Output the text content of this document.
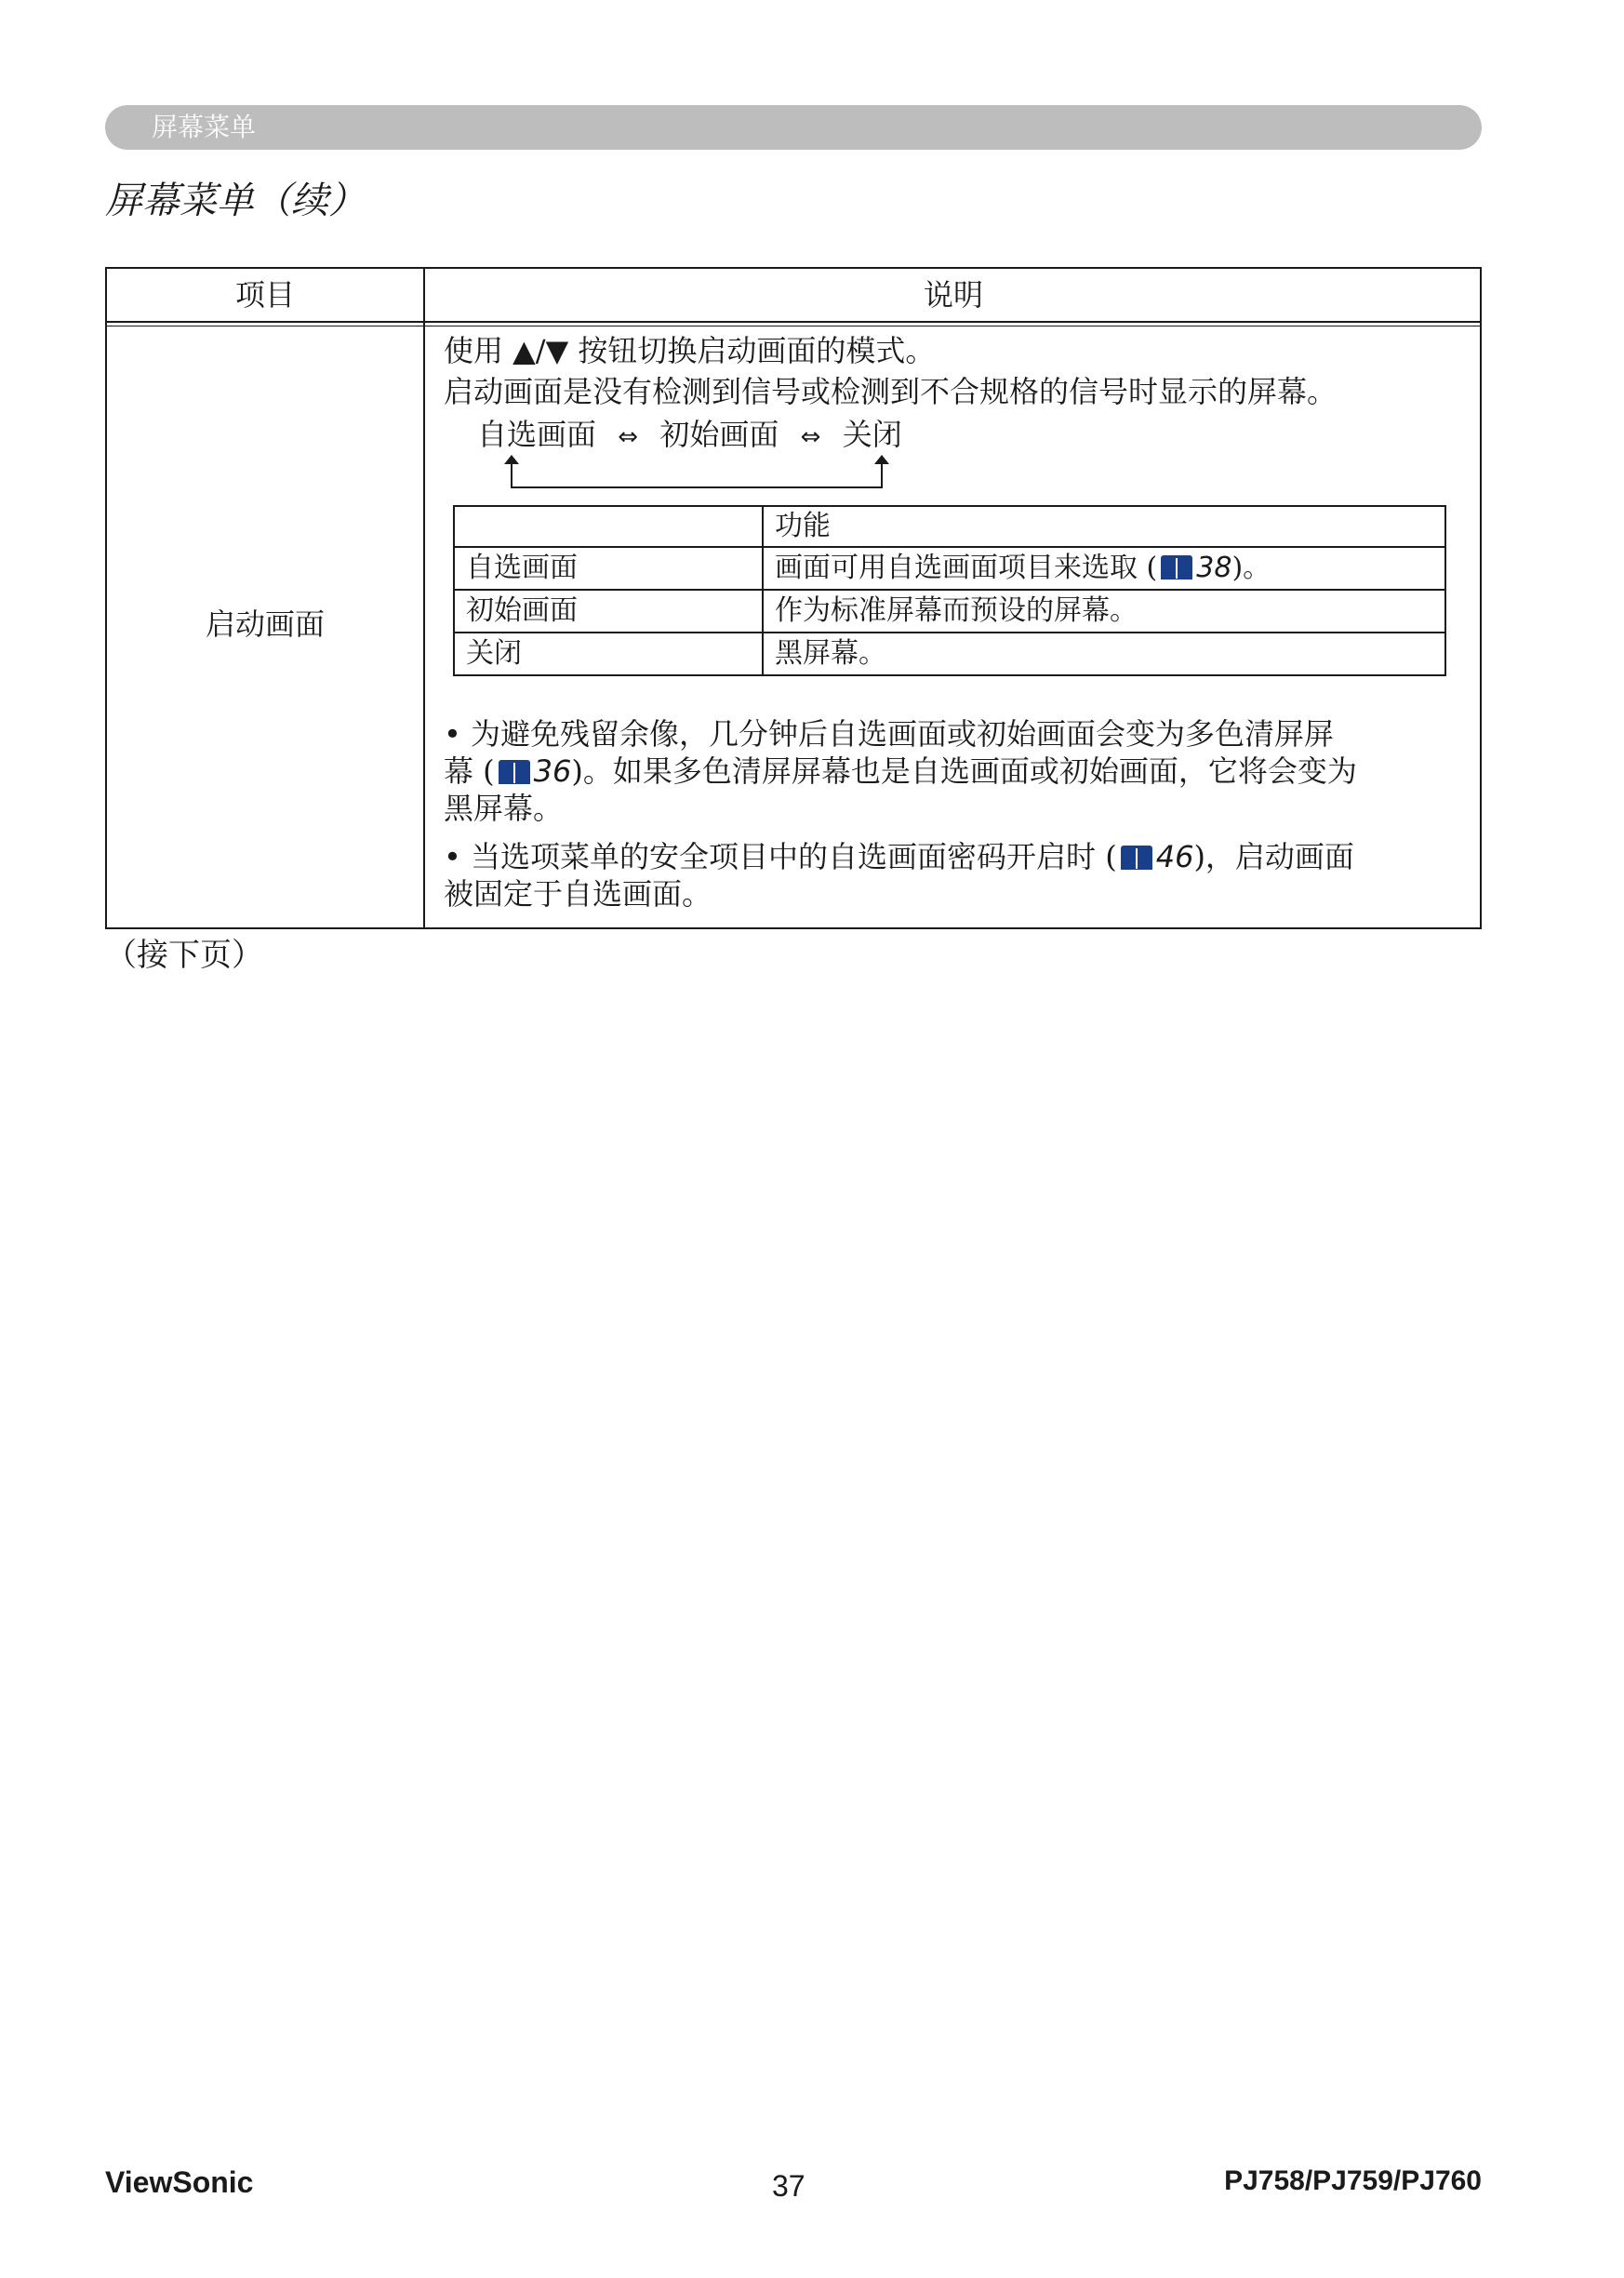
屏幕菜单
屏幕菜单（续）
项目	说明
启动画面
使用 ▲/▼ 按钮切换启动画面的模式。
启动画面是没有检测到信号或检测到不合规格的信号时显示的屏幕。
自选画面 ⇔ 初始画面 ⇔ 关闭
功能
自选画面	画面可用自选画面项目来选取 ( 38)。
初始画面	作为标准屏幕而预设的屏幕。
关闭	黑屏幕。
• 为避免残留余像，几分钟后自选画面或初始画面会变为多色清屏屏
幕 ( 36)。如果多色清屏屏幕也是自选画面或初始画面，它将会变为
黑屏幕。
• 当选项菜单的安全项目中的自选画面密码开启时 ( 46)，启动画面
被固定于自选画面。
（接下页）
ViewSonic	37	PJ758/PJ759/PJ760
